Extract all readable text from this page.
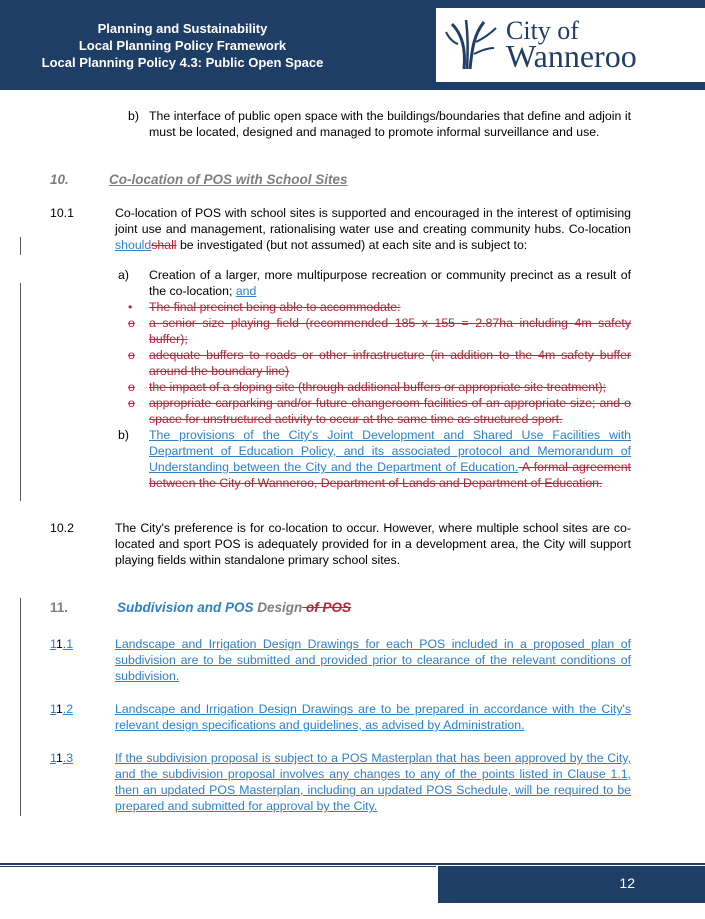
Planning and Sustainability
Local Planning Policy Framework
Local Planning Policy 4.3: Public Open Space
City of
Wanneroo
b) The interface of public open space with the buildings/boundaries that define and adjoin it must be located, designed and managed to promote informal surveillance and use.
10.	Co-location of POS with School Sites
10.1	Co-location of POS with school sites is supported and encouraged in the interest of optimising joint use and management, rationalising water use and creating community hubs. Co-location shouldshall be investigated (but not assumed) at each site and is subject to:
a) Creation of a larger, more multipurpose recreation or community precinct as a result of the co-location; and
• The final precinct being able to accommodate:
o a senior size playing field (recommended 185 x 155 = 2.87ha including 4m safety buffer);
o adequate buffers to roads or other infrastructure (in addition to the 4m safety buffer around the boundary line)
o the impact of a sloping site (through additional buffers or appropriate site treatment);
o appropriate carparking and/or future changeroom facilities of an appropriate size; and o space for unstructured activity to occur at the same time as structured sport.
b) The provisions of the City's Joint Development and Shared Use Facilities with Department of Education Policy, and its associated protocol and Memorandum of Understanding between the City and the Department of Education. A formal agreement between the City of Wanneroo, Department of Lands and Department of Education.
10.2	The City's preference is for co-location to occur. However, where multiple school sites are co-located and sport POS is adequately provided for in a development area, the City will support playing fields within standalone primary school sites.
11.	Subdivision and POS Design of POS
11.1	Landscape and Irrigation Design Drawings for each POS included in a proposed plan of subdivision are to be submitted and provided prior to clearance of the relevant conditions of subdivision.
11.2	Landscape and Irrigation Design Drawings are to be prepared in accordance with the City's relevant design specifications and guidelines, as advised by Administration.
11.3	If the subdivision proposal is subject to a POS Masterplan that has been approved by the City, and the subdivision proposal involves any changes to any of the points listed in Clause 1.1, then an updated POS Masterplan, including an updated POS Schedule, will be required to be prepared and submitted for approval by the City.
12
